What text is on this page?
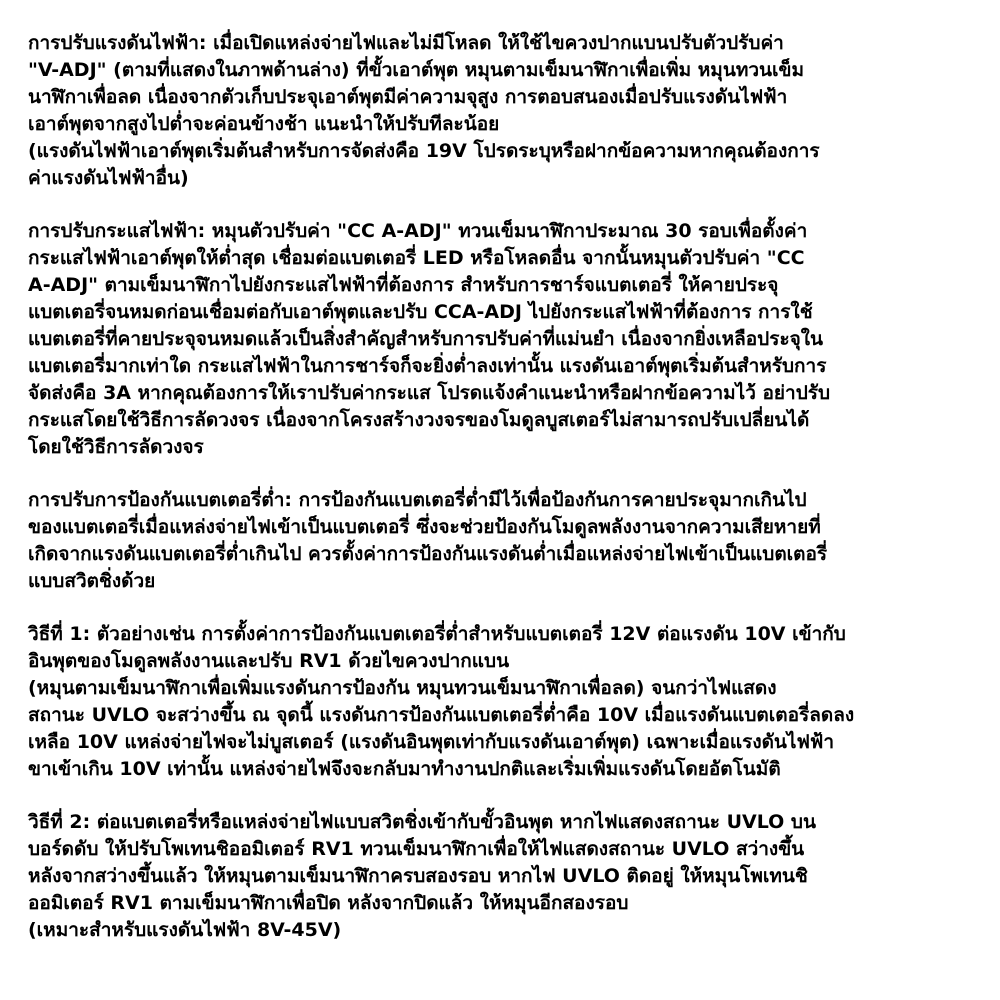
การปรับแรงดันไฟฟ้า: เมื่อเปิดแหล่งจ่ายไฟและไม่มีโหลด ให้ใช้ไขควงปากแบนปรับตัวปรับค่า
"V-ADJ" (ตามที่แสดงในภาพด้านล่าง) ที่ขั้วเอาต์พุต หมุนตามเข็มนาฬิกาเพื่อเพิ่ม หมุนทวนเข็ม
นาฬิกาเพื่อลด เนื่องจากตัวเก็บประจุเอาต์พุตมีค่าความจุสูง การตอบสนองเมื่อปรับแรงดันไฟฟ้า
เอาต์พุตจากสูงไปต่ำจะค่อนข้างช้า แนะนำให้ปรับทีละน้อย
(แรงดันไฟฟ้าเอาต์พุตเริ่มต้นสำหรับการจัดส่งคือ 19V โปรดระบุหรือฝากข้อความหากคุณต้องการ
ค่าแรงดันไฟฟ้าอื่น)
การปรับกระแสไฟฟ้า: หมุนตัวปรับค่า "CC A-ADJ" ทวนเข็มนาฬิกาประมาณ 30 รอบเพื่อตั้งค่า
กระแสไฟฟ้าเอาต์พุตให้ต่ำสุด เชื่อมต่อแบตเตอรี่ LED หรือโหลดอื่น จากนั้นหมุนตัวปรับค่า "CC
A-ADJ" ตามเข็มนาฬิกาไปยังกระแสไฟฟ้าที่ต้องการ สำหรับการชาร์จแบตเตอรี่ ให้คายประจุ
แบตเตอรี่จนหมดก่อนเชื่อมต่อกับเอาต์พุตและปรับ CCA-ADJ ไปยังกระแสไฟฟ้าที่ต้องการ การใช้
แบตเตอรี่ที่คายประจุจนหมดแล้วเป็นสิ่งสำคัญสำหรับการปรับค่าที่แม่นยำ เนื่องจากยิ่งเหลือประจุใน
แบตเตอรี่มากเท่าใด กระแสไฟฟ้าในการชาร์จก็จะยิ่งต่ำลงเท่านั้น แรงดันเอาต์พุตเริ่มต้นสำหรับการ
จัดส่งคือ 3A หากคุณต้องการให้เราปรับค่ากระแส โปรดแจ้งคำแนะนำหรือฝากข้อความไว้ อย่าปรับ
กระแสโดยใช้วิธีการลัดวงจร เนื่องจากโครงสร้างวงจรของโมดูลบูสเตอร์ไม่สามารถปรับเปลี่ยนได้
โดยใช้วิธีการลัดวงจร
การปรับการป้องกันแบตเตอรี่ต่ำ: การป้องกันแบตเตอรี่ต่ำมีไว้เพื่อป้องกันการคายประจุมากเกินไป
ของแบตเตอรี่เมื่อแหล่งจ่ายไฟเข้าเป็นแบตเตอรี่ ซึ่งจะช่วยป้องกันโมดูลพลังงานจากความเสียหายที่
เกิดจากแรงดันแบตเตอรี่ต่ำเกินไป ควรตั้งค่าการป้องกันแรงดันต่ำเมื่อแหล่งจ่ายไฟเข้าเป็นแบตเตอรี่
แบบสวิตชิ่งด้วย
วิธีที่ 1: ตัวอย่างเช่น การตั้งค่าการป้องกันแบตเตอรี่ต่ำสำหรับแบตเตอรี่ 12V ต่อแรงดัน 10V เข้ากับ
อินพุตของโมดูลพลังงานและปรับ RV1 ด้วยไขควงปากแบน
(หมุนตามเข็มนาฬิกาเพื่อเพิ่มแรงดันการป้องกัน หมุนทวนเข็มนาฬิกาเพื่อลด) จนกว่าไฟแสดง
สถานะ UVLO จะสว่างขึ้น ณ จุดนี้ แรงดันการป้องกันแบตเตอรี่ต่ำคือ 10V เมื่อแรงดันแบตเตอรี่ลดลง
เหลือ 10V แหล่งจ่ายไฟจะไม่บูสเตอร์ (แรงดันอินพุตเท่ากับแรงดันเอาต์พุต) เฉพาะเมื่อแรงดันไฟฟ้า
ขาเข้าเกิน 10V เท่านั้น แหล่งจ่ายไฟจึงจะกลับมาทำงานปกติและเริ่มเพิ่มแรงดันโดยอัตโนมัติ
วิธีที่ 2: ต่อแบตเตอรี่หรือแหล่งจ่ายไฟแบบสวิตชิ่งเข้ากับขั้วอินพุต หากไฟแสดงสถานะ UVLO บน
บอร์ดดับ ให้ปรับโพเทนชิออมิเตอร์ RV1 ทวนเข็มนาฬิกาเพื่อให้ไฟแสดงสถานะ UVLO สว่างขึ้น
หลังจากสว่างขึ้นแล้ว ให้หมุนตามเข็มนาฬิกาครบสองรอบ หากไฟ UVLO ติดอยู่ ให้หมุนโพเทนชิ
ออมิเตอร์ RV1 ตามเข็มนาฬิกาเพื่อปิด หลังจากปิดแล้ว ให้หมุนอีกสองรอบ
(เหมาะสำหรับแรงดันไฟฟ้า 8V-45V)
